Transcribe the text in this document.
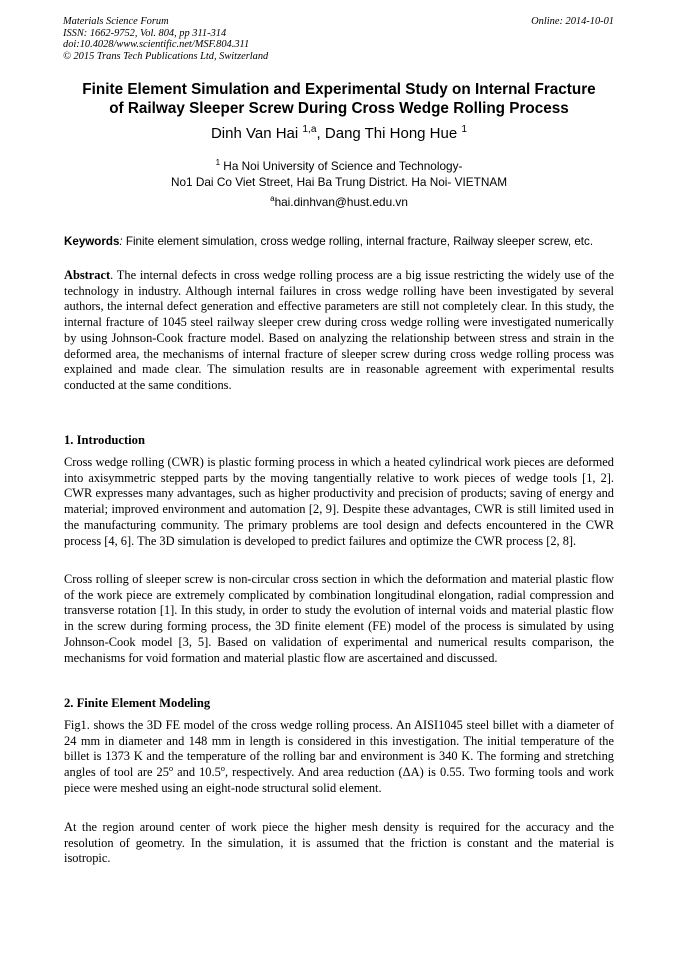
Materials Science Forum
ISSN: 1662-9752, Vol. 804, pp 311-314
doi:10.4028/www.scientific.net/MSF.804.311
© 2015 Trans Tech Publications Ltd, Switzerland
Online: 2014-10-01
Finite Element Simulation and Experimental Study on Internal Fracture
of Railway Sleeper Screw During Cross Wedge Rolling Process
Dinh Van Hai $^{1,a}$, Dang Thi Hong Hue $^1$
$^1$ Ha Noi University of Science and Technology-
No1 Dai Co Viet Street, Hai Ba Trung District. Ha Noi- VIETNAM
$^a$hai.dinhvan@hust.edu.vn
Keywords: Finite element simulation, cross wedge rolling, internal fracture, Railway sleeper screw, etc.

Abstract. The internal defects in cross wedge rolling process are a big issue restricting the widely use of the technology in industry. Although internal failures in cross wedge rolling have been investigated by several authors, the internal defect generation and effective parameters are still not completely clear. In this study, the internal fracture of 1045 steel railway sleeper crew during cross wedge rolling were investigated numerically by using Johnson-Cook fracture model. Based on analyzing the relationship between stress and strain in the deformed area, the mechanisms of internal fracture of sleeper screw during cross wedge rolling process was explained and made clear. The simulation results are in reasonable agreement with experimental results conducted at the same conditions.

1. Introduction

Cross wedge rolling (CWR) is plastic forming process in which a heated cylindrical work pieces are deformed into axisymmetric stepped parts by the moving tangentially relative to work pieces of wedge tools [1, 2]. CWR expresses many advantages, such as higher productivity and precision of products; saving of energy and material; improved environment and automation [2, 9]. Despite these advantages, CWR is still limited used in the manufacturing community. The primary problems are tool design and defects encountered in the CWR process [4, 6]. The 3D simulation is developed to predict failures and optimize the CWR process [2, 8].

Cross rolling of sleeper screw is non-circular cross section in which the deformation and material plastic flow of the work piece are extremely complicated by combination longitudinal elongation, radial compression and transverse rotation [1]. In this study, in order to study the evolution of internal voids and material plastic flow in the screw during forming process, the 3D finite element (FE) model of the process is simulated by using Johnson-Cook model [3, 5]. Based on validation of experimental and numerical results comparison, the mechanisms for void formation and material plastic flow are ascertained and discussed.

2. Finite Element Modeling

Fig1. shows the 3D FE model of the cross wedge rolling process. An AISI1045 steel billet with a diameter of 24 mm in diameter and 148 mm in length is considered in this investigation. The initial temperature of the billet is 1373 K and the temperature of the rolling bar and environment is 340 K. The forming and stretching angles of tool are 25$^o$ and 10.5$^o$, respectively. And area reduction (ΔA) is 0.55. Two forming tools and work piece were meshed using an eight-node structural solid element.

At the region around center of work piece the higher mesh density is required for the accuracy and the resolution of geometry. In the simulation, it is assumed that the friction is constant and the material is isotropic.
